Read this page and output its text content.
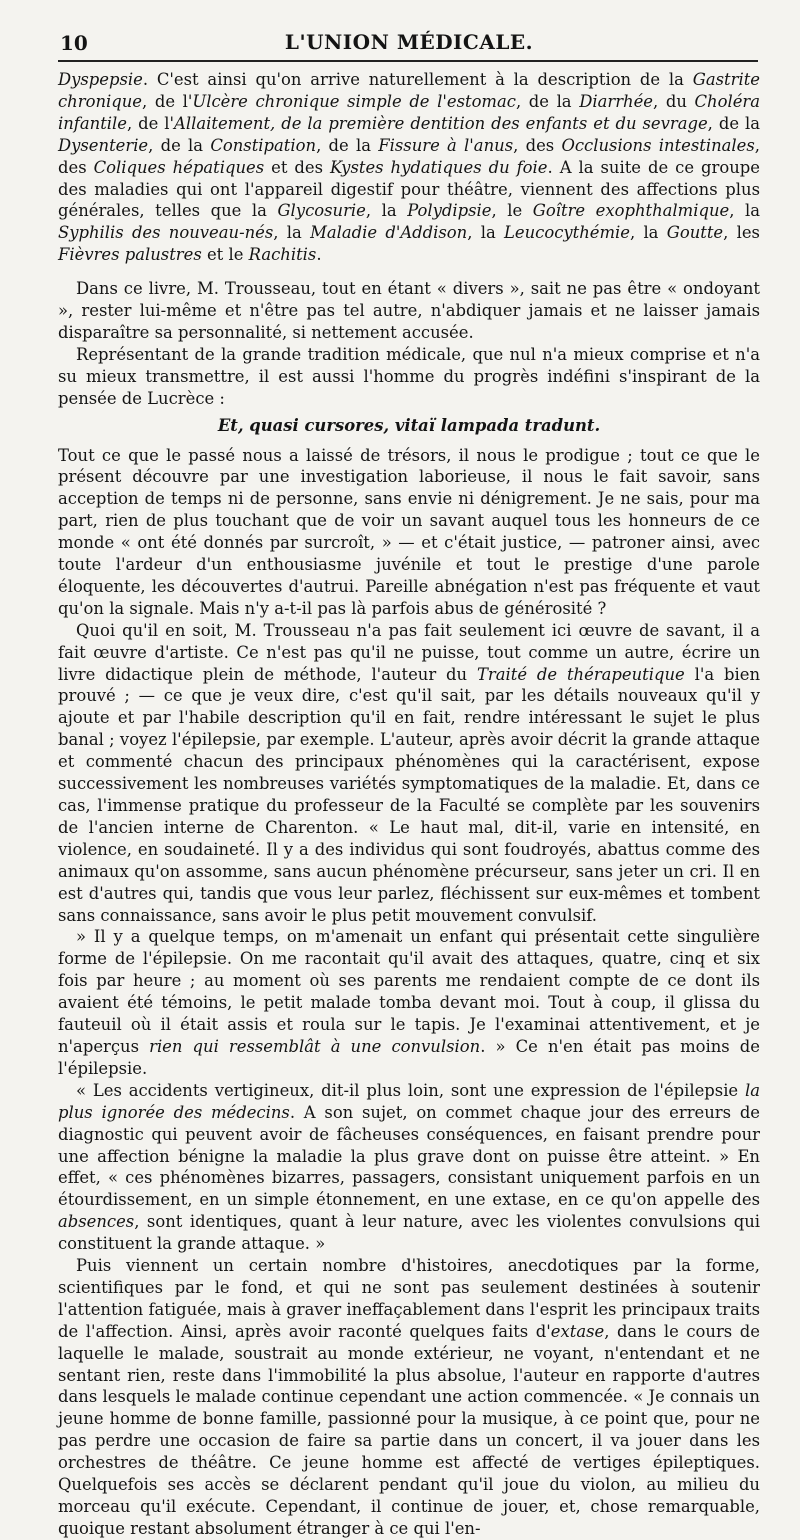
10	L'UNION MÉDICALE.

Dyspepsie. C'est ainsi qu'on arrive naturellement à la description de la Gastrite chronique, de l'Ulcère chronique simple de l'estomac, de la Diarrhée, du Choléra infantile, de l'Allaitement, de la première dentition des enfants et du sevrage, de la Dysenterie, de la Constipation, de la Fissure à l'anus, des Occlusions intestinales, des Coliques hépatiques et des Kystes hydatiques du foie. A la suite de ce groupe des maladies qui ont l'appareil digestif pour théâtre, viennent des affections plus générales, telles que la Glycosurie, la Polydipsie, le Goître exophthalmique, la Syphilis des nouveau-nés, la Maladie d'Addison, la Leucocythémie, la Goutte, les Fièvres palustres et le Rachitis.

Dans ce livre, M. Trousseau, tout en étant « divers », sait ne pas être « ondoyant », rester lui-même et n'être pas tel autre, n'abdiquer jamais et ne laisser jamais disparaître sa personnalité, si nettement accusée.

Représentant de la grande tradition médicale, que nul n'a mieux comprise et n'a su mieux transmettre, il est aussi l'homme du progrès indéfini s'inspirant de la pensée de Lucrèce :

Et, quasi cursores, vitaï lampada tradunt.

Tout ce que le passé nous a laissé de trésors, il nous le prodigue ; tout ce que le présent découvre par une investigation laborieuse, il nous le fait savoir, sans acception de temps ni de personne, sans envie ni dénigrement. Je ne sais, pour ma part, rien de plus touchant que de voir un savant auquel tous les honneurs de ce monde « ont été donnés par surcroît, » — et c'était justice, — patroner ainsi, avec toute l'ardeur d'un enthousiasme juvénile et tout le prestige d'une parole éloquente, les découvertes d'autrui. Pareille abnégation n'est pas fréquente et vaut qu'on la signale. Mais n'y a-t-il pas là parfois abus de générosité ?

Quoi qu'il en soit, M. Trousseau n'a pas fait seulement ici œuvre de savant, il a fait œuvre d'artiste. Ce n'est pas qu'il ne puisse, tout comme un autre, écrire un livre didactique plein de méthode, l'auteur du Traité de thérapeutique l'a bien prouvé ; — ce que je veux dire, c'est qu'il sait, par les détails nouveaux qu'il y ajoute et par l'habile description qu'il en fait, rendre intéressant le sujet le plus banal ; voyez l'épilepsie, par exemple. L'auteur, après avoir décrit la grande attaque et commenté chacun des principaux phénomènes qui la caractérisent, expose successivement les nombreuses variétés symptomatiques de la maladie. Et, dans ce cas, l'immense pratique du professeur de la Faculté se complète par les souvenirs de l'ancien interne de Charenton. « Le haut mal, dit-il, varie en intensité, en violence, en soudaineté. Il y a des individus qui sont foudroyés, abattus comme des animaux qu'on assomme, sans aucun phénomène précurseur, sans jeter un cri. Il en est d'autres qui, tandis que vous leur parlez, fléchissent sur eux-mêmes et tombent sans connaissance, sans avoir le plus petit mouvement convulsif.

» Il y a quelque temps, on m'amenait un enfant qui présentait cette singulière forme de l'épilepsie. On me racontait qu'il avait des attaques, quatre, cinq et six fois par heure ; au moment où ses parents me rendaient compte de ce dont ils avaient été témoins, le petit malade tomba devant moi. Tout à coup, il glissa du fauteuil où il était assis et roula sur le tapis. Je l'examinai attentivement, et je n'aperçus rien qui ressemblât à une convulsion. » Ce n'en était pas moins de l'épilepsie.

« Les accidents vertigineux, dit-il plus loin, sont une expression de l'épilepsie la plus ignorée des médecins. A son sujet, on commet chaque jour des erreurs de diagnostic qui peuvent avoir de fâcheuses conséquences, en faisant prendre pour une affection bénigne la maladie la plus grave dont on puisse être atteint. » En effet, « ces phénomènes bizarres, passagers, consistant uniquement parfois en un étourdissement, en un simple étonnement, en une extase, en ce qu'on appelle des absences, sont identiques, quant à leur nature, avec les violentes convulsions qui constituent la grande attaque. »

Puis viennent un certain nombre d'histoires, anecdotiques par la forme, scientifiques par le fond, et qui ne sont pas seulement destinées à soutenir l'attention fatiguée, mais à graver ineffaçablement dans l'esprit les principaux traits de l'affection. Ainsi, après avoir raconté quelques faits d'extase, dans le cours de laquelle le malade, soustrait au monde extérieur, ne voyant, n'entendant et ne sentant rien, reste dans l'immobilité la plus absolue, l'auteur en rapporte d'autres dans lesquels le malade continue cependant une action commencée. « Je connais un jeune homme de bonne famille, passionné pour la musique, à ce point que, pour ne pas perdre une occasion de faire sa partie dans un concert, il va jouer dans les orchestres de théâtre. Ce jeune homme est affecté de vertiges épileptiques. Quelquefois ses accès se déclarent pendant qu'il joue du violon, au milieu du morceau qu'il exécute. Cependant, il continue de jouer, et, chose remarquable, quoique restant absolument étranger à ce qui l'en-
